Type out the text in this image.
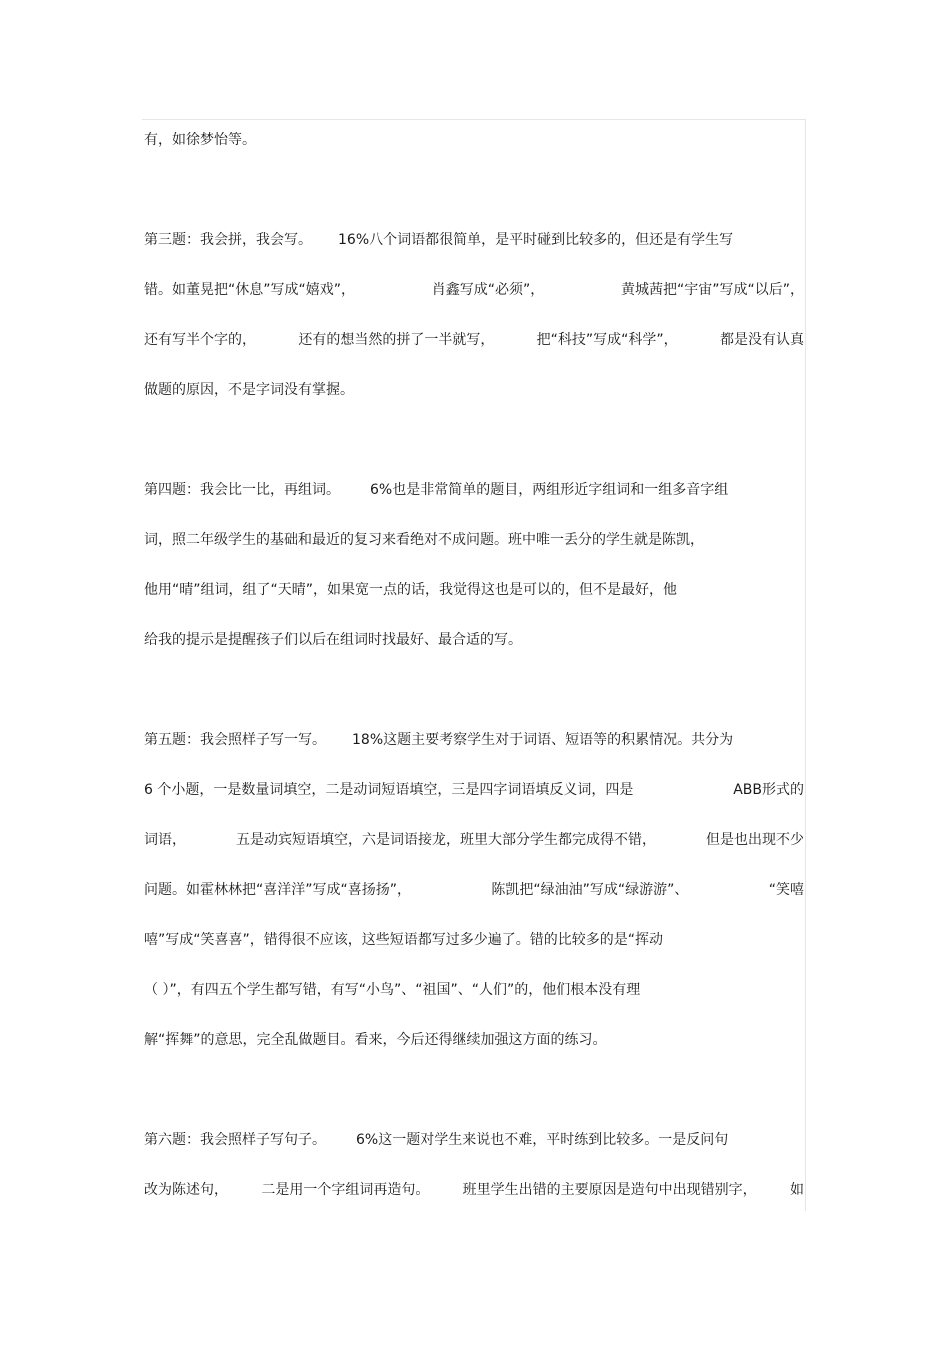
有，如徐梦怡等。
第三题：我会拼，我会写。 16%八个词语都很简单，是平时碰到比较多的，但还是有学生写
错。如董晃把“休息”写成“嬉戏”，	肖鑫写成“必须”，	黄城茜把“宇宙”写成“以后”，
还有写半个字的，	还有的想当然的拼了一半就写，	把“科技”写成“科学”，	都是没有认真
做题的原因，不是字词没有掌握。
第四题：我会比一比，再组词。 6%也是非常简单的题目，两组形近字组词和一组多音字组
词，照二年级学生的基础和最近的复习来看绝对不成问题。班中唯一丢分的学生就是陈凯，
他用“晴”组词，组了“天晴”，如果宽一点的话，我觉得这也是可以的，但不是最好，他
给我的提示是提醒孩子们以后在组词时找最好、最合适的写。
第五题：我会照样子写一写。 18%这题主要考察学生对于词语、短语等的积累情况。共分为
6 个小题，一是数量词填空，二是动词短语填空，三是四字词语填反义词，四是	ABB形式的
词语，	五是动宾短语填空，六是词语接龙，班里大部分学生都完成得不错，	但是也出现不少
问题。如霍林林把“喜洋洋”写成“喜扬扬”，	陈凯把“绿油油”写成“绿游游”、	“笑嘻
嘻”写成“笑喜喜”，错得很不应该，这些短语都写过多少遍了。错的比较多的是“挥动
（ ）”，有四五个学生都写错，有写“小鸟”、“祖国”、“人们”的，他们根本没有理
解“挥舞”的意思，完全乱做题目。看来，今后还得继续加强这方面的练习。
第六题：我会照样子写句子。 6%这一题对学生来说也不难，平时练到比较多。一是反问句
改为陈述句， 二是用一个字组词再造句。 班里学生出错的主要原因是造句中出现错别字， 如
